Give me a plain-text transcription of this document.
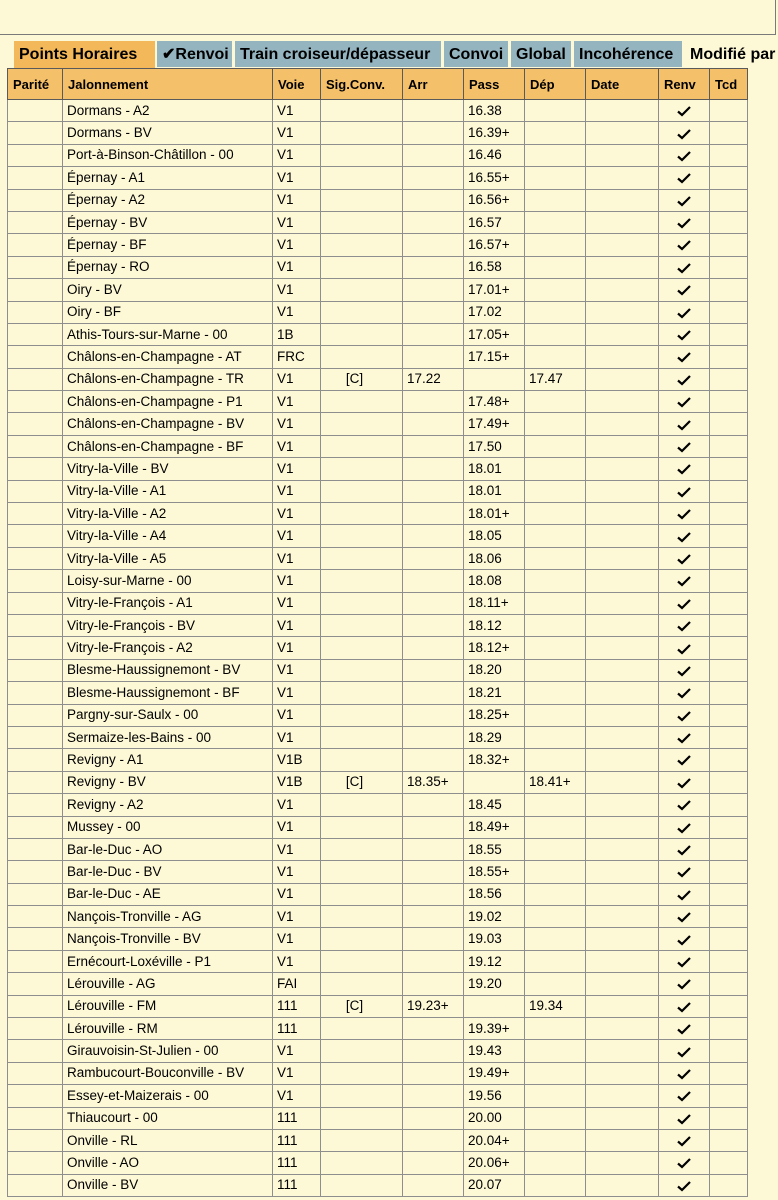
Points Horaires	✔Renvoi Train croiseur/dépasseur	Convoi Global Incohérence	Modifié par
Parité	Jalonnement	Voie	Sig.Conv.	Arr	Pass	Dép	Date	Renv	Tcd
	Dormans - A2	V1			16.38				
	Dormans - BV	V1			16.39+				
	Port-à-Binson-Châtillon - 00	V1			16.46				
	Épernay - A1	V1			16.55+				
	Épernay - A2	V1			16.56+				
	Épernay - BV	V1			16.57				
	Épernay - BF	V1			16.57+				
	Épernay - RO	V1			16.58				
	Oiry - BV	V1			17.01+				
	Oiry - BF	V1			17.02				
	Athis-Tours-sur-Marne - 00	1B			17.05+				
	Châlons-en-Champagne - AT	FRC			17.15+				
	Châlons-en-Champagne - TR	V1	[C]	17.22		17.47			
	Châlons-en-Champagne - P1	V1			17.48+				
	Châlons-en-Champagne - BV	V1			17.49+				
	Châlons-en-Champagne - BF	V1			17.50				
	Vitry-la-Ville - BV	V1			18.01				
	Vitry-la-Ville - A1	V1			18.01				
	Vitry-la-Ville - A2	V1			18.01+				
	Vitry-la-Ville - A4	V1			18.05				
	Vitry-la-Ville - A5	V1			18.06				
	Loisy-sur-Marne - 00	V1			18.08				
	Vitry-le-François - A1	V1			18.11+				
	Vitry-le-François - BV	V1			18.12				
	Vitry-le-François - A2	V1			18.12+				
	Blesme-Haussignemont - BV	V1			18.20				
	Blesme-Haussignemont - BF	V1			18.21				
	Pargny-sur-Saulx - 00	V1			18.25+				
	Sermaize-les-Bains - 00	V1			18.29				
	Revigny - A1	V1B			18.32+				
	Revigny - BV	V1B	[C]	18.35+		18.41+			
	Revigny - A2	V1			18.45				
	Mussey - 00	V1			18.49+				
	Bar-le-Duc - AO	V1			18.55				
	Bar-le-Duc - BV	V1			18.55+				
	Bar-le-Duc - AE	V1			18.56				
	Nançois-Tronville - AG	V1			19.02				
	Nançois-Tronville - BV	V1			19.03				
	Ernécourt-Loxéville - P1	V1			19.12				
	Lérouville - AG	FAI			19.20				
	Lérouville - FM	111	[C]	19.23+		19.34			
	Lérouville - RM	111			19.39+				
	Girauvoisin-St-Julien - 00	V1			19.43				
	Rambucourt-Bouconville - BV	V1			19.49+				
	Essey-et-Maizerais - 00	V1			19.56				
	Thiaucourt - 00	111			20.00				
	Onville - RL	111			20.04+				
	Onville - AO	111			20.06+				
	Onville - BV	111			20.07				
